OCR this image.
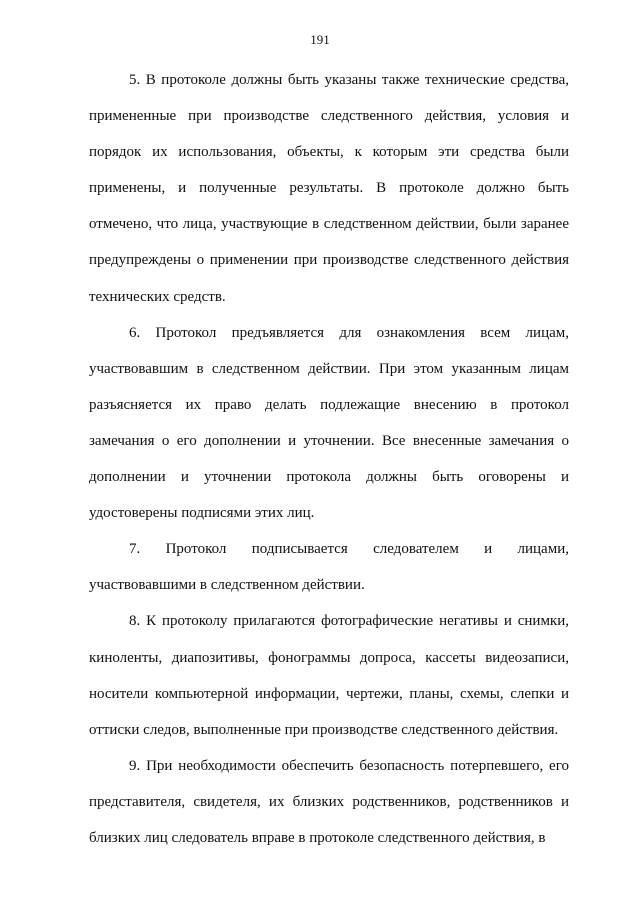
191

5. В протоколе должны быть указаны также технические средства, примененные при производстве следственного действия, условия и порядок их использования, объекты, к которым эти средства были применены, и полученные результаты. В протоколе должно быть отмечено, что лица, участвующие в следственном действии, были заранее предупреждены о применении при производстве следственного действия технических средств.

6. Протокол предъявляется для ознакомления всем лицам, участвовавшим в следственном действии. При этом указанным лицам разъясняется их право делать подлежащие внесению в протокол замечания о его дополнении и уточнении. Все внесенные замечания о дополнении и уточнении протокола должны быть оговорены и удостоверены подписями этих лиц.

7. Протокол подписывается следователем и лицами, участвовавшими в следственном действии.

8. К протоколу прилагаются фотографические негативы и снимки, киноленты, диапозитивы, фонограммы допроса, кассеты видеозаписи, носители компьютерной информации, чертежи, планы, схемы, слепки и оттиски следов, выполненные при производстве следственного действия.

9. При необходимости обеспечить безопасность потерпевшего, его представителя, свидетеля, их близких родственников, родственников и близких лиц следователь вправе в протоколе следственного действия, в
